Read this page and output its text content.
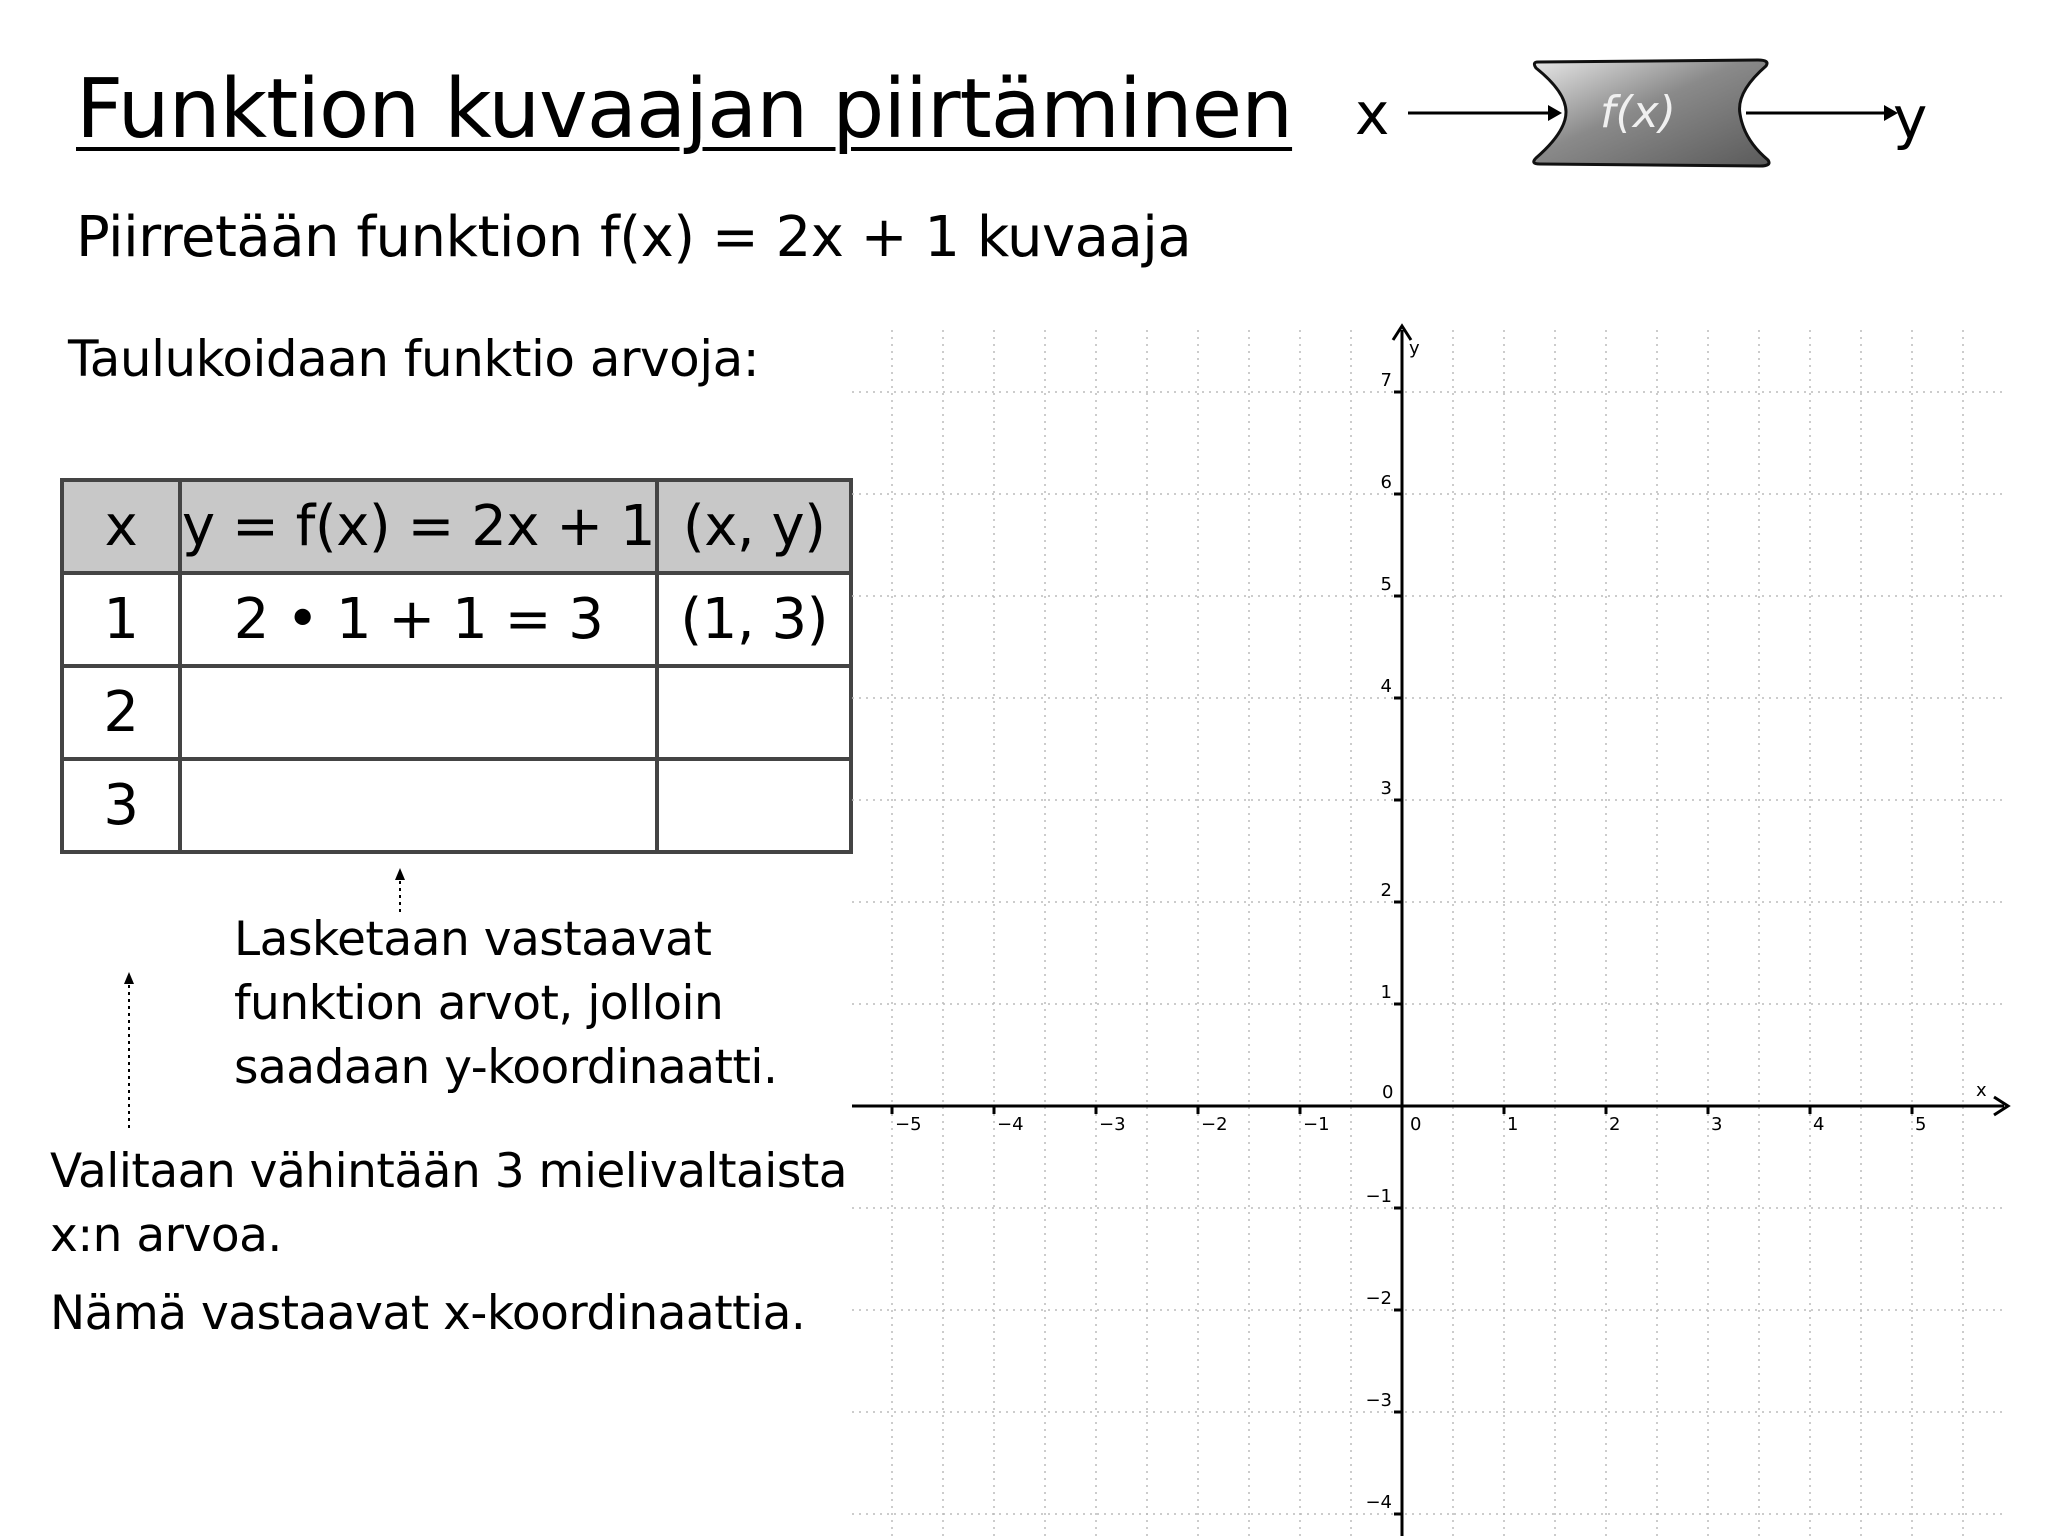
Funktion kuvaajan piirtäminen
Piirretään funktion f(x) = 2x + 1 kuvaaja
x	f(x)	y
Taulukoidaan funktio arvoja:
x	y = f(x) = 2x + 1	(x, y)
1	2 • 1 + 1 = 3	(1, 3)
2		
3		
Lasketaan vastaavat
funktion arvot, jolloin
saadaan y-koordinaatti.
Valitaan vähintään 3 mielivaltaista
x:n arvoa.
Nämä vastaavat x-koordinaattia.
−5	−4	−3	−2	−1	0	1	2	3	4	5
7
6
5
4
3
2
1
−1
−2
−3
−4
x
y
0
